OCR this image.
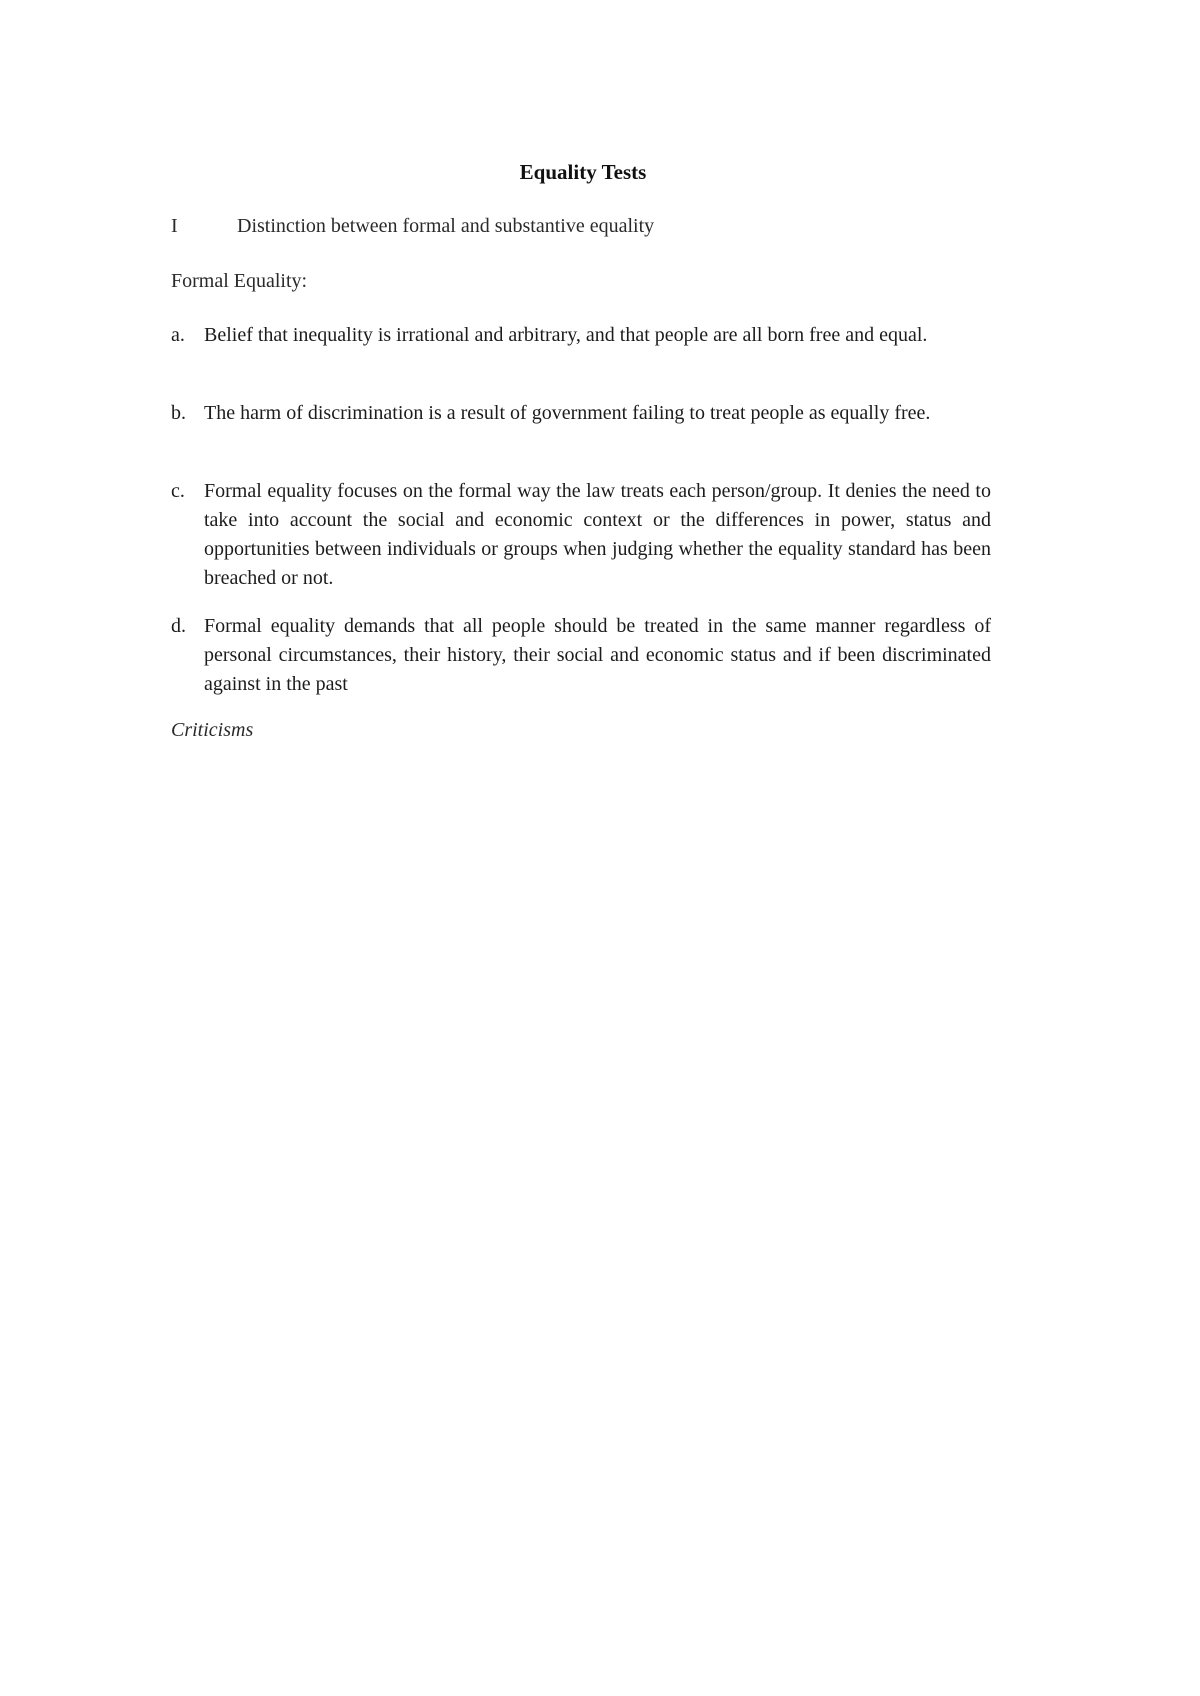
Equality Tests
I	Distinction between formal and substantive equality
Formal Equality:
a. Belief that inequality is irrational and arbitrary, and that people are all born free and equal.
b. The harm of discrimination is a result of government failing to treat people as equally free.
c. Formal equality focuses on the formal way the law treats each person/group. It denies the need to take into account the social and economic context or the differences in power, status and opportunities between individuals or groups when judging whether the equality standard has been breached or not.
d. Formal equality demands that all people should be treated in the same manner regardless of personal circumstances, their history, their social and economic status and if been discriminated against in the past
Criticisms
